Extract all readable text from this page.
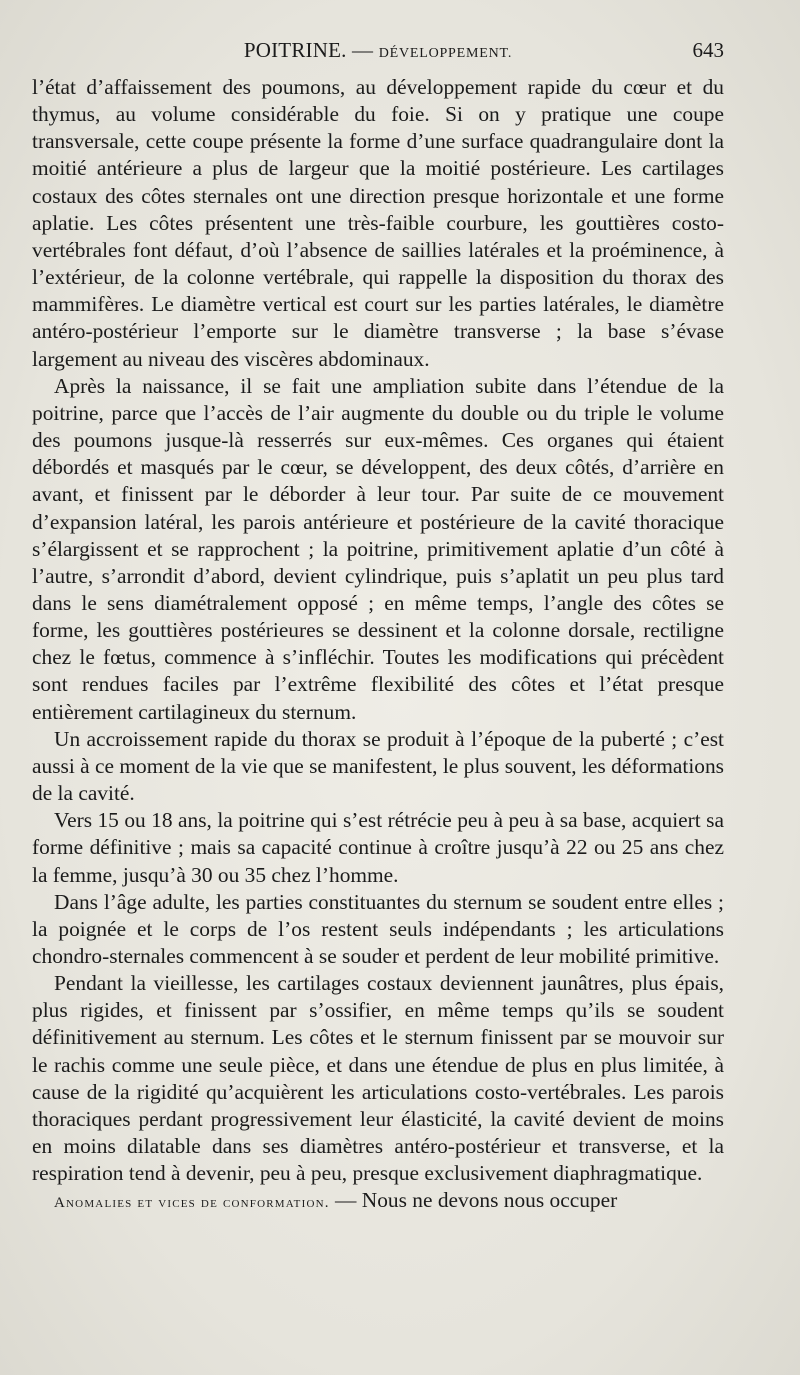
POITRINE. — DÉVELOPPEMENT.	643

l’état d’affaissement des poumons, au développement rapide du cœur et du thymus, au volume considérable du foie. Si on y pratique une coupe transversale, cette coupe présente la forme d’une surface quadrangulaire dont la moitié antérieure a plus de largeur que la moitié postérieure. Les cartilages costaux des côtes sternales ont une direction presque horizontale et une forme aplatie. Les côtes présentent une très-faible courbure, les gouttières costo-vertébrales font défaut, d’où l’absence de saillies latérales et la proéminence, à l’extérieur, de la colonne vertébrale, qui rappelle la disposition du thorax des mammifères. Le diamètre vertical est court sur les parties latérales, le diamètre antéro-postérieur l’emporte sur le diamètre transverse ; la base s’évase largement au niveau des viscères abdominaux.

Après la naissance, il se fait une ampliation subite dans l’étendue de la poitrine, parce que l’accès de l’air augmente du double ou du triple le volume des poumons jusque-là resserrés sur eux-mêmes. Ces organes qui étaient débordés et masqués par le cœur, se développent, des deux côtés, d’arrière en avant, et finissent par le déborder à leur tour. Par suite de ce mouvement d’expansion latéral, les parois antérieure et postérieure de la cavité thoracique s’élargissent et se rapprochent ; la poitrine, primitivement aplatie d’un côté à l’autre, s’arrondit d’abord, devient cylindrique, puis s’aplatit un peu plus tard dans le sens diamétralement opposé ; en même temps, l’angle des côtes se forme, les gouttières postérieures se dessinent et la colonne dorsale, rectiligne chez le fœtus, commence à s’infléchir. Toutes les modifications qui précèdent sont rendues faciles par l’extrême flexibilité des côtes et l’état presque entièrement cartilagineux du sternum.

Un accroissement rapide du thorax se produit à l’époque de la puberté ; c’est aussi à ce moment de la vie que se manifestent, le plus souvent, les déformations de la cavité.

Vers 15 ou 18 ans, la poitrine qui s’est rétrécie peu à peu à sa base, acquiert sa forme définitive ; mais sa capacité continue à croître jusqu’à 22 ou 25 ans chez la femme, jusqu’à 30 ou 35 chez l’homme.

Dans l’âge adulte, les parties constituantes du sternum se soudent entre elles ; la poignée et le corps de l’os restent seuls indépendants ; les articulations chondro-sternales commencent à se souder et perdent de leur mobilité primitive.

Pendant la vieillesse, les cartilages costaux deviennent jaunâtres, plus épais, plus rigides, et finissent par s’ossifier, en même temps qu’ils se soudent définitivement au sternum. Les côtes et le sternum finissent par se mouvoir sur le rachis comme une seule pièce, et dans une étendue de plus en plus limitée, à cause de la rigidité qu’acquièrent les articulations costo-vertébrales. Les parois thoraciques perdant progressivement leur élasticité, la cavité devient de moins en moins dilatable dans ses diamètres antéro-postérieur et transverse, et la respiration tend à devenir, peu à peu, presque exclusivement diaphragmatique.

Anomalies et vices de conformation. — Nous ne devons nous occuper
